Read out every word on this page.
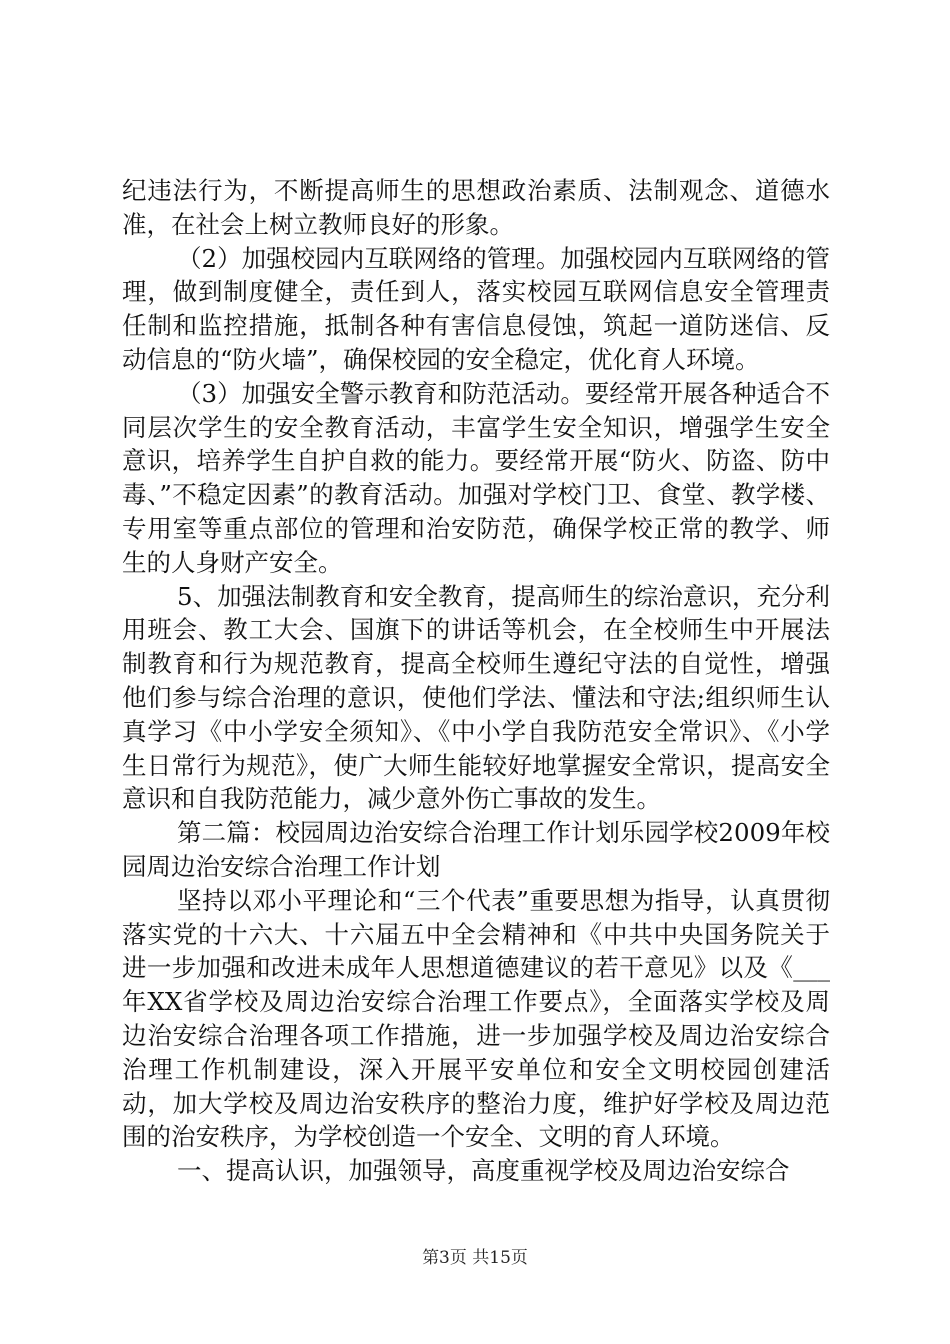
纪违法行为，不断提高师生的思想政治素质、法制观念、道德水准，在社会上树立教师良好的形象。

（2）加强校园内互联网络的管理。加强校园内互联网络的管理，做到制度健全，责任到人，落实校园互联网信息安全管理责任制和监控措施，抵制各种有害信息侵蚀，筑起一道防迷信、反动信息的“防火墙”，确保校园的安全稳定，优化育人环境。

（3）加强安全警示教育和防范活动。要经常开展各种适合不同层次学生的安全教育活动，丰富学生安全知识，增强学生安全意识，培养学生自护自救的能力。要经常开展“防火、防盗、防中毒、”不稳定因素”的教育活动。加强对学校门卫、食堂、教学楼、专用室等重点部位的管理和治安防范，确保学校正常的教学、师生的人身财产安全。

5、加强法制教育和安全教育，提高师生的综治意识，充分利用班会、教工大会、国旗下的讲话等机会，在全校师生中开展法制教育和行为规范教育，提高全校师生遵纪守法的自觉性，增强他们参与综合治理的意识，使他们学法、懂法和守法;组织师生认真学习《中小学安全须知》、《中小学自我防范安全常识》、《小学生日常行为规范》，使广大师生能较好地掌握安全常识，提高安全意识和自我防范能力，减少意外伤亡事故的发生。

第二篇：校园周边治安综合治理工作计划乐园学校2009年校园周边治安综合治理工作计划

坚持以邓小平理论和“三个代表”重要思想为指导，认真贯彻落实党的十六大、十六届五中全会精神和《中共中央国务院关于进一步加强和改进未成年人思想道德建议的若干意见》以及《___年XX省学校及周边治安综合治理工作要点》，全面落实学校及周边治安综合治理各项工作措施，进一步加强学校及周边治安综合治理工作机制建设，深入开展平安单位和安全文明校园创建活动，加大学校及周边治安秩序的整治力度，维护好学校及周边范围的治安秩序，为学校创造一个安全、文明的育人环境。

一、提高认识，加强领导，高度重视学校及周边治安综合

第3页 共15页
